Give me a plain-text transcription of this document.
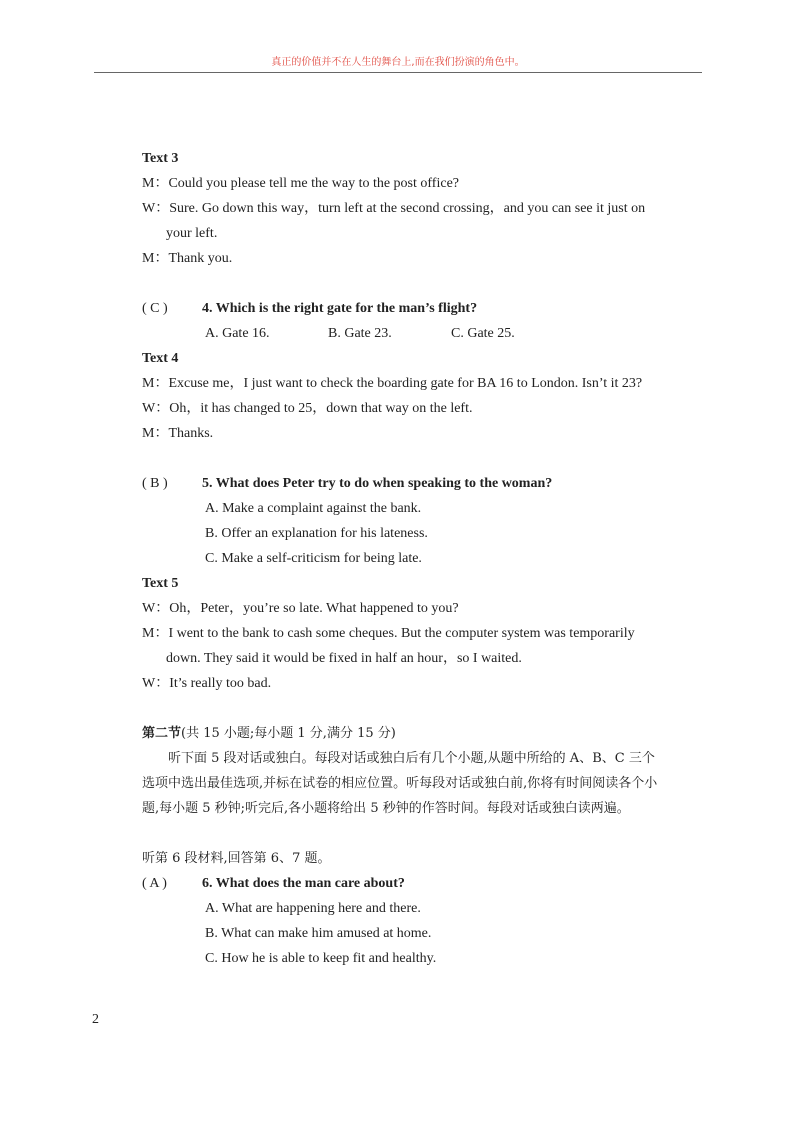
真正的价值并不在人生的舞台上,而在我们扮演的角色中。
Text 3
M：Could you please tell me the way to the post office?
W：Sure. Go down this way，turn left at the second crossing，and you can see it just on
your left.
M：Thank you.
( C ) 4. Which is the right gate for the man’s flight?
A. Gate 16.	B. Gate 23.	C. Gate 25.
Text 4
M：Excuse me，I just want to check the boarding gate for BA 16 to London. Isn’t it 23?
W：Oh，it has changed to 25，down that way on the left.
M：Thanks.
( B ) 5. What does Peter try to do when speaking to the woman?
A. Make a complaint against the bank.
B. Offer an explanation for his lateness.
C. Make a self-criticism for being late.
Text 5
W：Oh，Peter，you’re so late. What happened to you?
M：I went to the bank to cash some cheques. But the computer system was temporarily
down. They said it would be fixed in half an hour，so I waited.
W：It’s really too bad.
第二节(共 15 小题;每小题 1 分,满分 15 分)
听下面 5 段对话或独白。每段对话或独白后有几个小题,从题中所给的 A、B、C 三个选项中选出最佳选项,并标在试卷的相应位置。听每段对话或独白前,你将有时间阅读各个小题,每小题 5 秒钟;听完后,各小题将给出 5 秒钟的作答时间。每段对话或独白读两遍。
听第 6 段材料,回答第 6、7 题。
( A )	6. What does the man care about?
A. What are happening here and there.
B. What can make him amused at home.
C. How he is able to keep fit and healthy.
2
